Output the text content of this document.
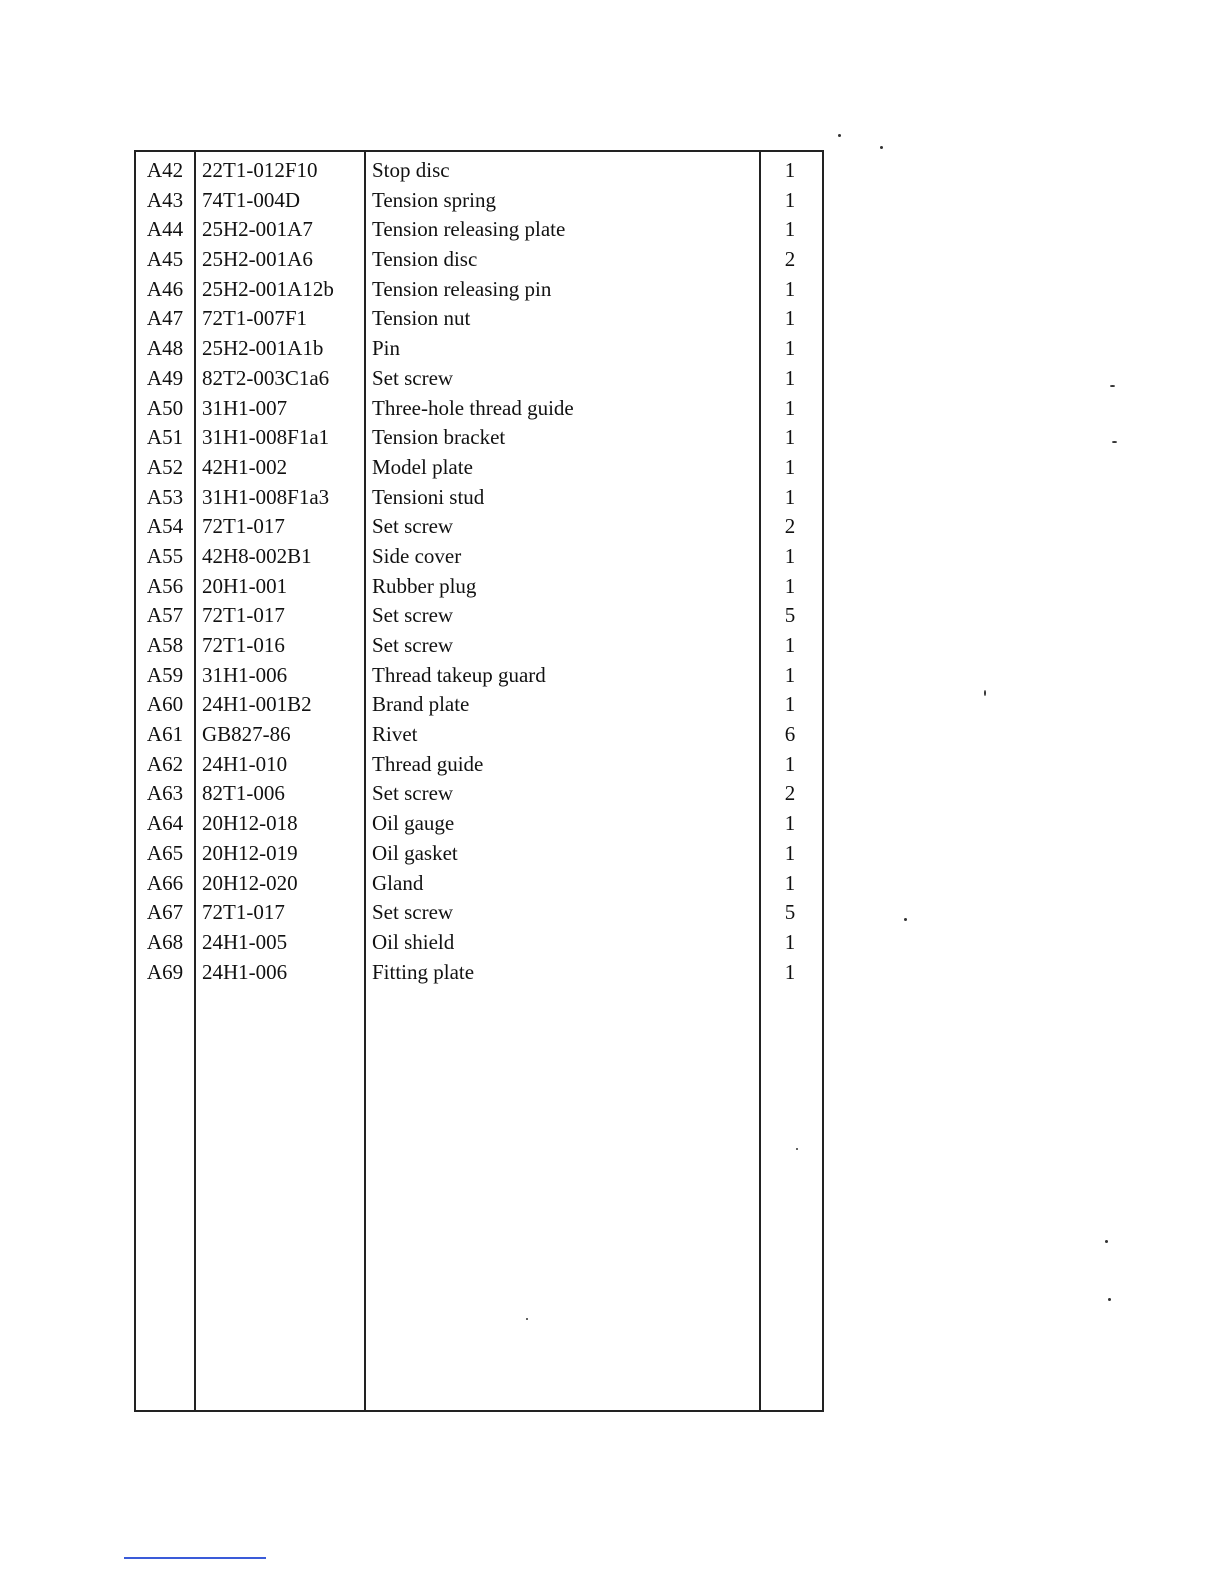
A42 22T1-012F10	Stop disc	1
A43 74T1-004D	Tension spring	1
A44 25H2-001A7	Tension releasing plate	1
A45 25H2-001A6	Tension disc	2
A46 25H2-001A12b Tension releasing pin	1
A47 72T1-007F1	Tension nut	1
A48 25H2-001A1b Pin	1
A49 82T2-003C1a6 Set screw	1
A50 31H1-007	Three-hole thread guide	1
A51 31H1-008F1a1 Tension bracket	1
A52 42H1-002	Model plate	1
A53 31H1-008F1a3 Tensioni stud	1
A54 72T1-017	Set screw	2
A55 42H8-002B1	Side cover	1
A56 20H1-001	Rubber plug	1
A57 72T1-017	Set screw	5
A58 72T1-016	Set screw	1
A59 31H1-006	Thread takeup guard	1
A60 24H1-001B2	Brand plate	1
A61 GB827-86	Rivet	6
A62 24H1-010	Thread guide	1
A63 82T1-006	Set screw	2
A64 20H12-018	Oil gauge	1
A65 20H12-019	Oil gasket	1
A66 20H12-020	Gland	1
A67 72T1-017	Set screw	5
A68 24H1-005	Oil shield	1
A69 24H1-006	Fitting plate	1
